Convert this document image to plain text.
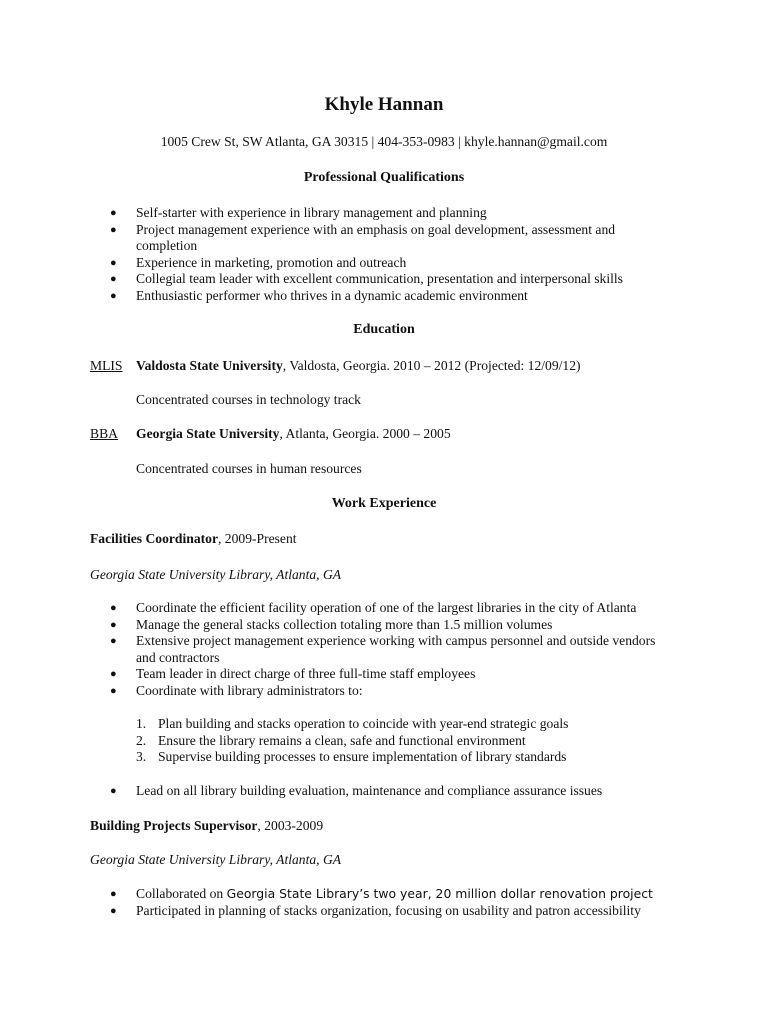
Khyle Hannan
1005 Crew St, SW Atlanta, GA 30315 | 404-353-0983 | khyle.hannan@gmail.com
Professional Qualifications
● Self-starter with experience in library management and planning
● Project management experience with an emphasis on goal development, assessment and completion
● Experience in marketing, promotion and outreach
● Collegial team leader with excellent communication, presentation and interpersonal skills
● Enthusiastic performer who thrives in a dynamic academic environment
Education
MLIS Valdosta State University, Valdosta, Georgia. 2010 – 2012 (Projected: 12/09/12)
Concentrated courses in technology track
BBA Georgia State University, Atlanta, Georgia. 2000 – 2005
Concentrated courses in human resources
Work Experience
Facilities Coordinator, 2009-Present
Georgia State University Library, Atlanta, GA
● Coordinate the efficient facility operation of one of the largest libraries in the city of Atlanta
● Manage the general stacks collection totaling more than 1.5 million volumes
● Extensive project management experience working with campus personnel and outside vendors and contractors
● Team leader in direct charge of three full-time staff employees
● Coordinate with library administrators to:
1. Plan building and stacks operation to coincide with year-end strategic goals
2. Ensure the library remains a clean, safe and functional environment
3. Supervise building processes to ensure implementation of library standards
● Lead on all library building evaluation, maintenance and compliance assurance issues
Building Projects Supervisor, 2003-2009
Georgia State University Library, Atlanta, GA
● Collaborated on Georgia State Library’s two year, 20 million dollar renovation project
● Participated in planning of stacks organization, focusing on usability and patron accessibility
